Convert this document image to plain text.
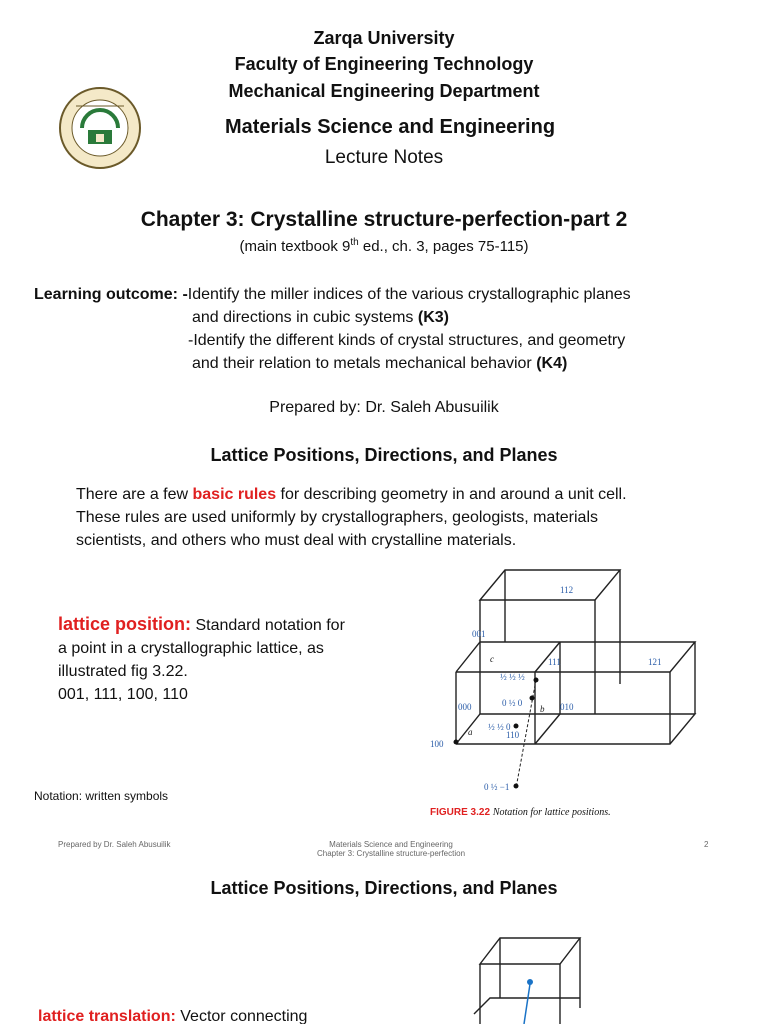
Zarqa University
Faculty of Engineering Technology
Mechanical Engineering Department
Materials Science and Engineering
Lecture Notes
Chapter 3: Crystalline structure-perfection-part 2
(main textbook 9th ed., ch. 3, pages 75-115)
Learning outcome: -Identify the miller indices of the various crystallographic planes
and directions in cubic systems (K3)
-Identify the different kinds of crystal structures, and geometry
and their relation to metals mechanical behavior (K4)
Prepared by: Dr. Saleh Abusuilik
Lattice Positions, Directions, and Planes
There are a few basic rules for describing geometry in and around a unit cell.
These rules are used uniformly by crystallographers, geologists, materials
scientists, and others who must deal with crystalline materials.
lattice position: Standard notation for
a point in a crystallographic lattice, as
illustrated fig 3.22.
001, 111, 100, 110
Notation: written symbols
112
001
111	121
000	010
100
110
a
b
c
½ ½ ½
0 ½ 0
½ ½ 0
0 ½ −1
FIGURE 3.22 Notation for lattice positions.
Prepared by Dr. Saleh Abusuilik	Materials Science and Engineering
Chapter 3: Crystalline structure-perfection
2
Lattice Positions, Directions, and Planes
lattice translation: Vector connecting
